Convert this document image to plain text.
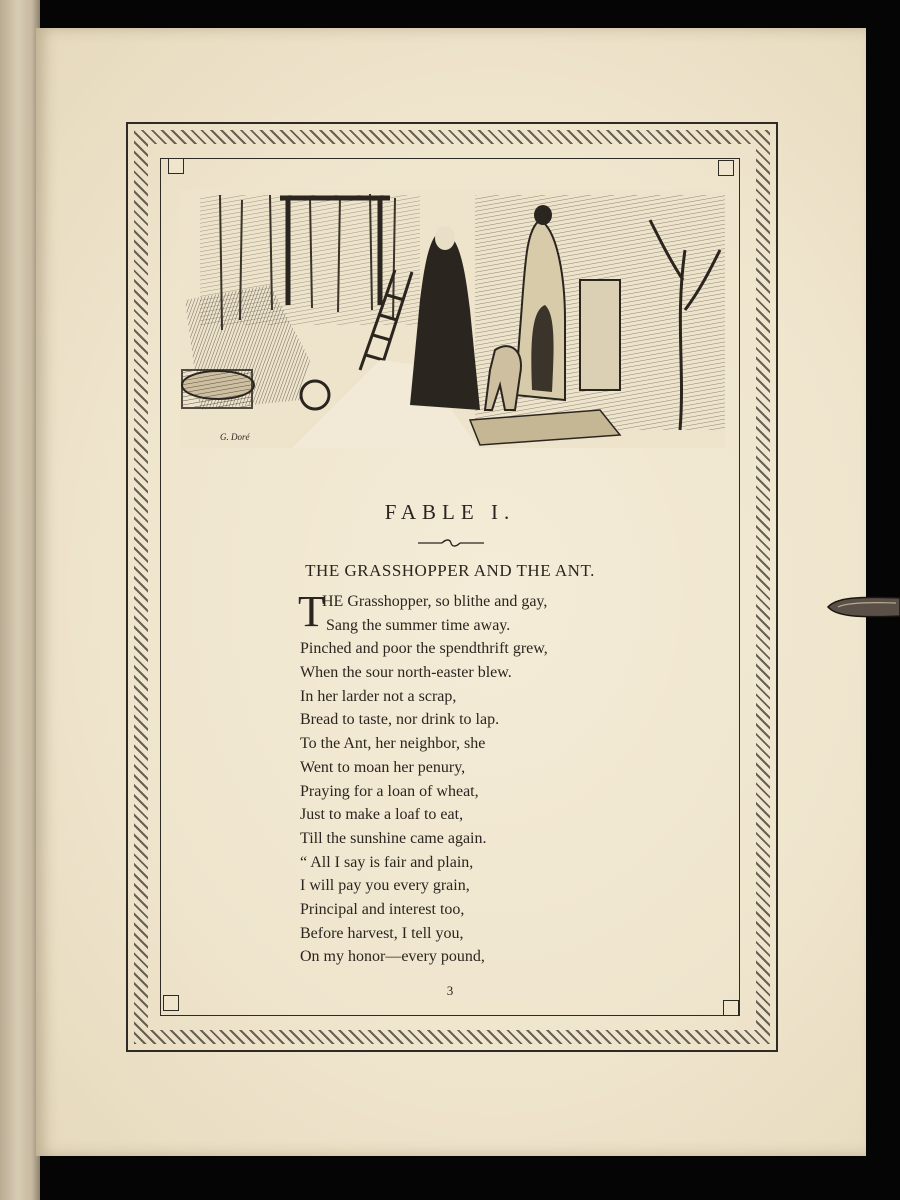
G. Doré
FABLE I.
THE GRASSHOPPER AND THE ANT.
T
HE Grasshopper, so blithe and gay,
Sang the summer time away.
Pinched and poor the spendthrift grew,
When the sour north-easter blew.
In her larder not a scrap,
Bread to taste, nor drink to lap.
To the Ant, her neighbor, she
Went to moan her penury,
Praying for a loan of wheat,
Just to make a loaf to eat,
Till the sunshine came again.
“ All I say is fair and plain,
I will pay you every grain,
Principal and interest too,
Before harvest, I tell you,
On my honor—every pound,
3
